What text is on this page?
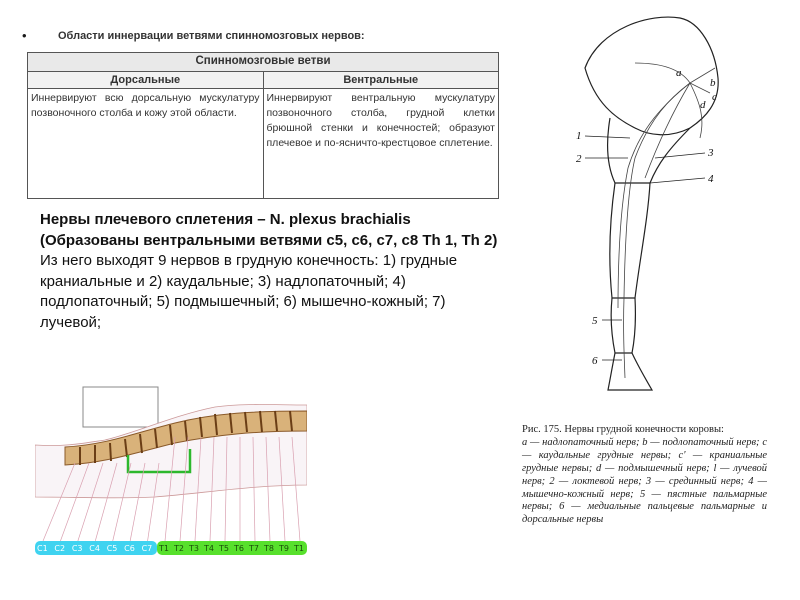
•	Области иннервации ветвями спинномозговых нервов:
Спинномозговые ветви	
Дорсальные	Вентральные
Иннервируют всю дорсальную мускулатуру позвоночного столба и кожу этой области.	Иннервируют вентральную мускулатуру позвоночного столба, грудной клетки брюшной стенки и конечностей; образуют плечевое и по-ясничто-крестцовое сплетение.
Нервы плечевого сплетения – N. plexus brachialis (Образованы вентральными ветвями с5, с6, с7, с8 Th 1, Th 2) Из него выходят 9 нервов в грудную конечность: 1) грудные краниальные и 2) каудальные; 3) надлопаточный; 4) подлопаточный; 5) подмышечный; 6) мышечно-кожный; 7) лучевой;
C1 C2 C3 C4 C5 C6 C7 T1 T2 T3 T4 T5 T6 T7 T8 T9 T1
a
b
c
d
1
2	3
4
5
6
Рис. 175. Нервы грудной конечности коровы:
а — надлопаточный нерв; b — подлопаточный нерв; с — каудальные грудные нервы; с' — краниальные грудные нервы; d — подмышечный нерв; l — лучевой нерв; 2 — локтевой нерв; 3 — срединный нерв; 4 — мышечно-кожный нерв; 5 — пястные пальмарные нервы; 6 — медиальные пальцевые пальмарные и дорсальные нервы
